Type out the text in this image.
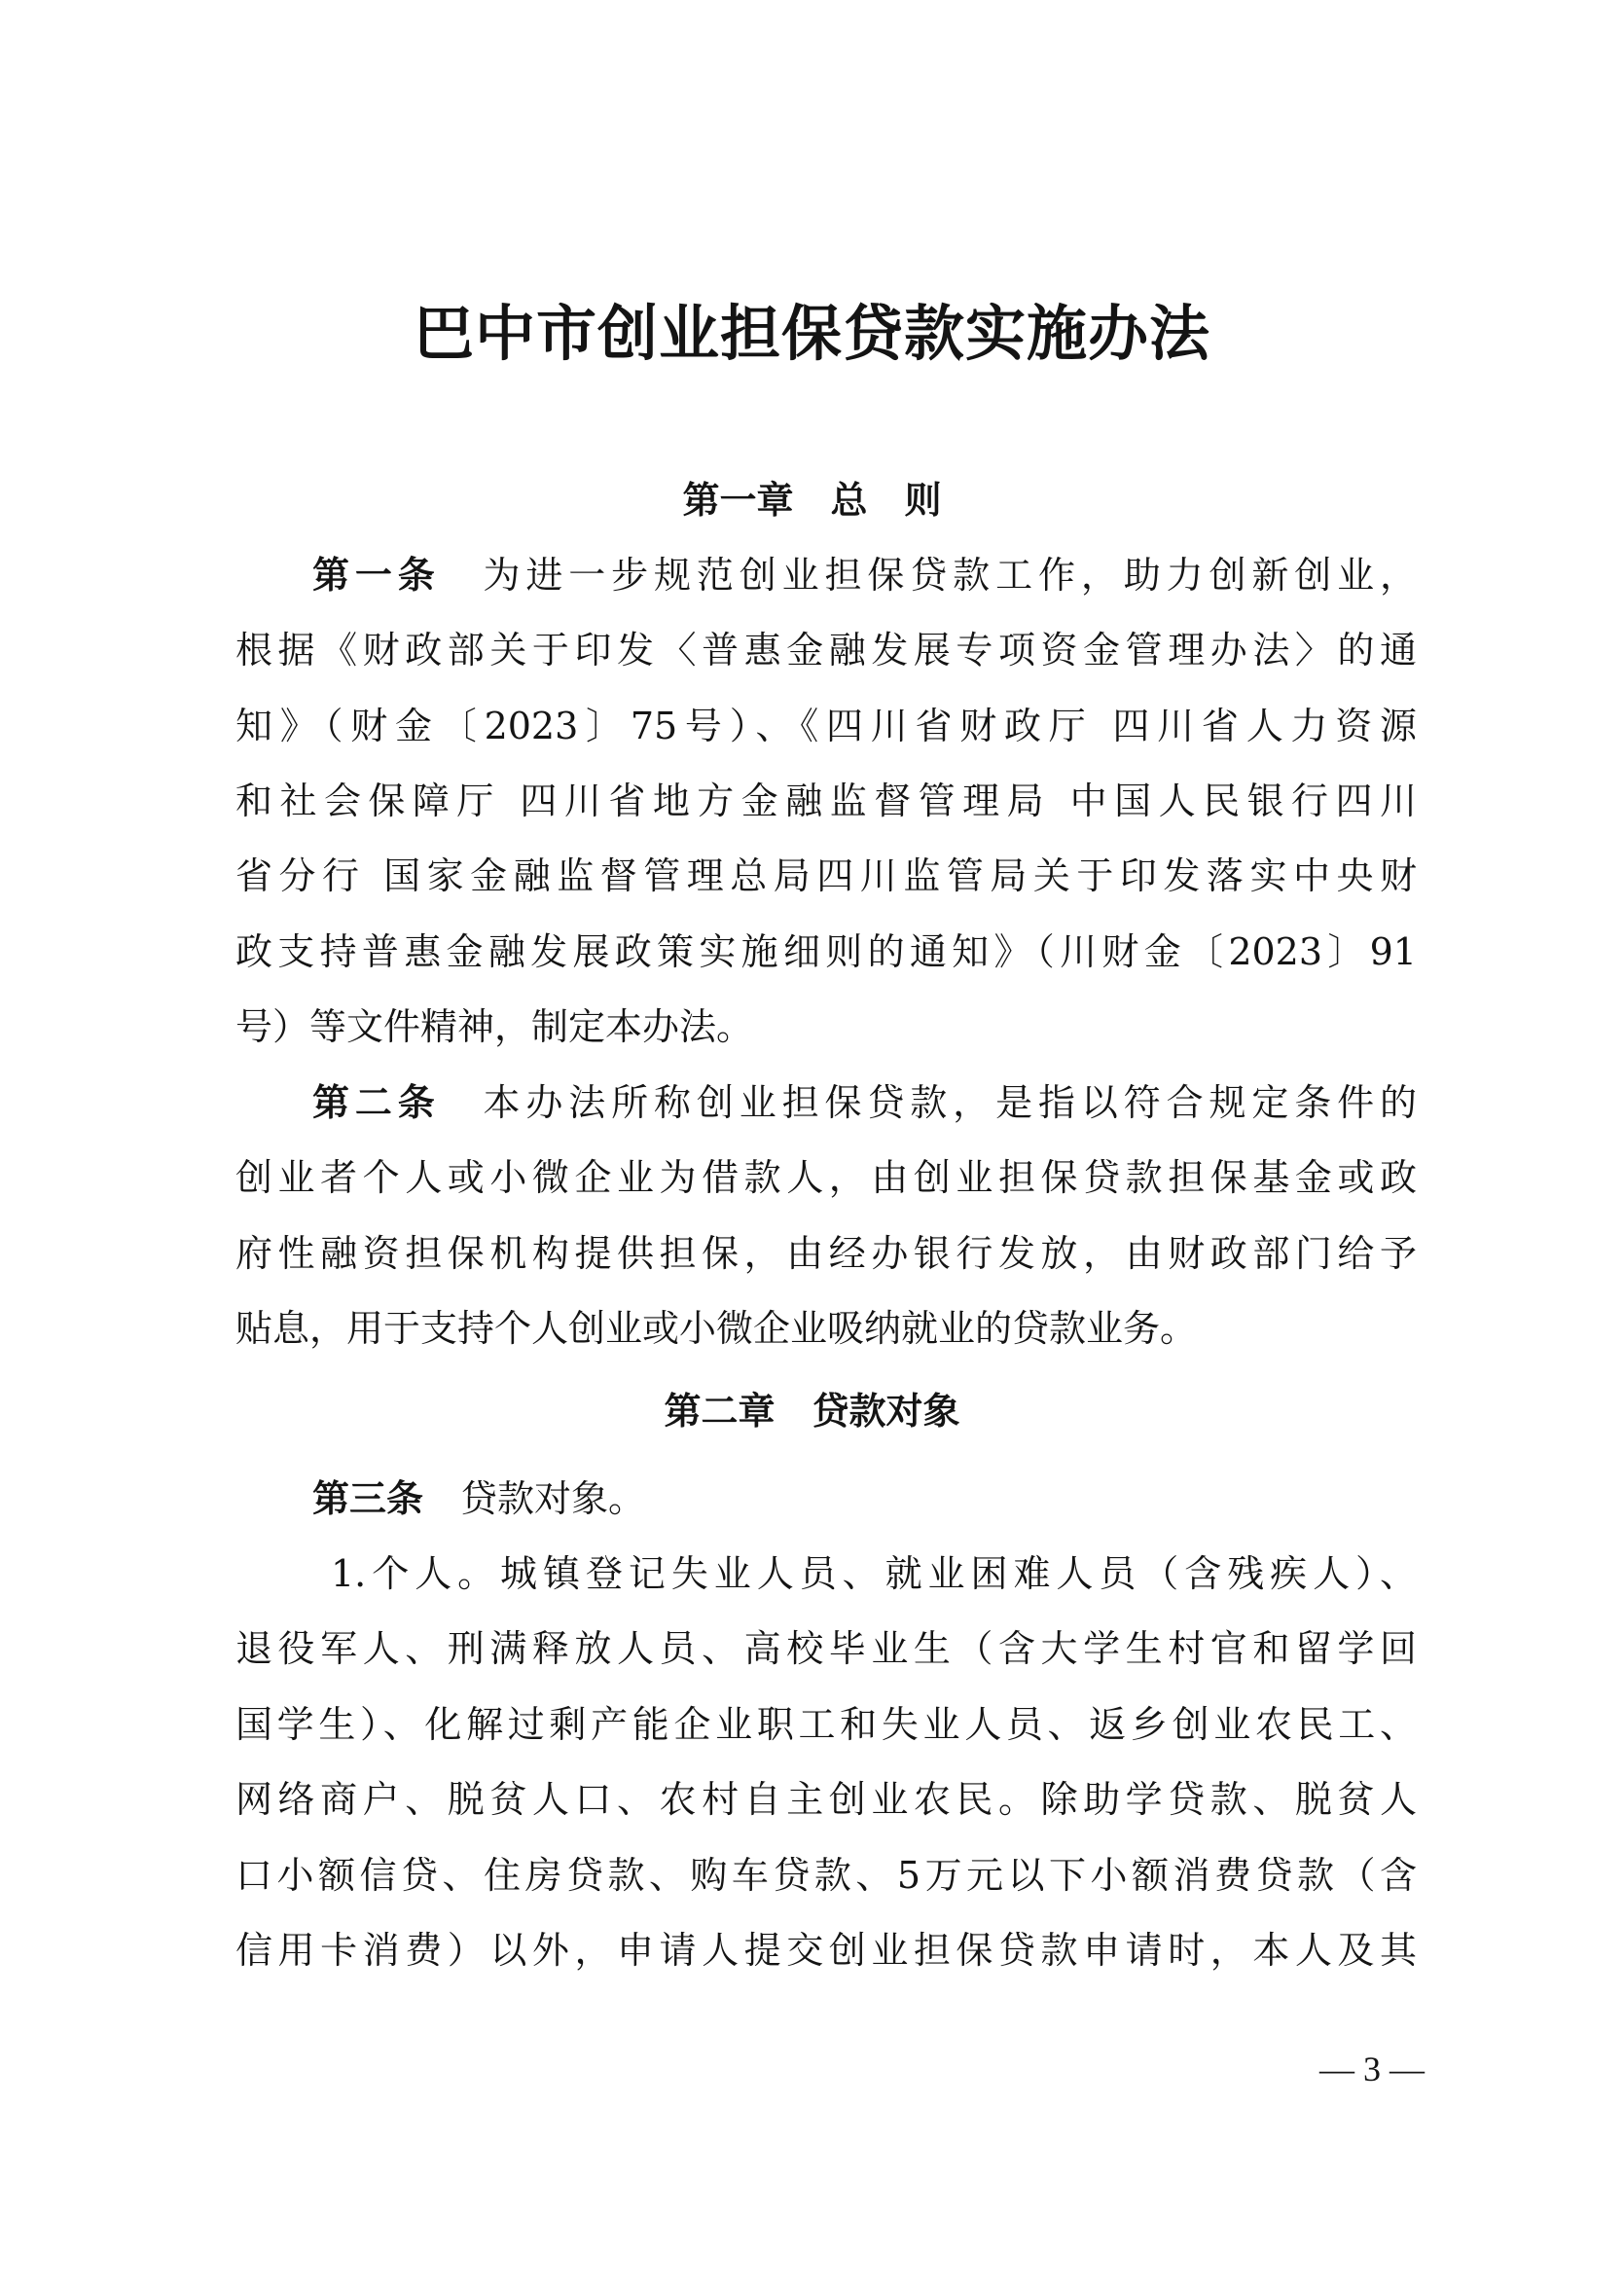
巴中市创业担保贷款实施办法
第一章　总　则
第一条　为进一步规范创业担保贷款工作，助力创新创业，
根据《财政部关于印发〈普惠金融发展专项资金管理办法〉的通
知》（财金〔2023〕75号）、《四川省财政厅 四川省人力资源
和社会保障厅 四川省地方金融监督管理局 中国人民银行四川
省分行 国家金融监督管理总局四川监管局关于印发落实中央财
政支持普惠金融发展政策实施细则的通知》（川财金〔2023〕91
号）等文件精神，制定本办法。
第二条　本办法所称创业担保贷款，是指以符合规定条件的
创业者个人或小微企业为借款人，由创业担保贷款担保基金或政
府性融资担保机构提供担保，由经办银行发放，由财政部门给予
贴息，用于支持个人创业或小微企业吸纳就业的贷款业务。
第二章　贷款对象
第三条　贷款对象。
1.个人。城镇登记失业人员、就业困难人员（含残疾人）、
退役军人、刑满释放人员、高校毕业生（含大学生村官和留学回
国学生）、化解过剩产能企业职工和失业人员、返乡创业农民工、
网络商户、脱贫人口、农村自主创业农民。除助学贷款、脱贫人
口小额信贷、住房贷款、购车贷款、5万元以下小额消费贷款（含
信用卡消费）以外，申请人提交创业担保贷款申请时，本人及其
— 3 —
